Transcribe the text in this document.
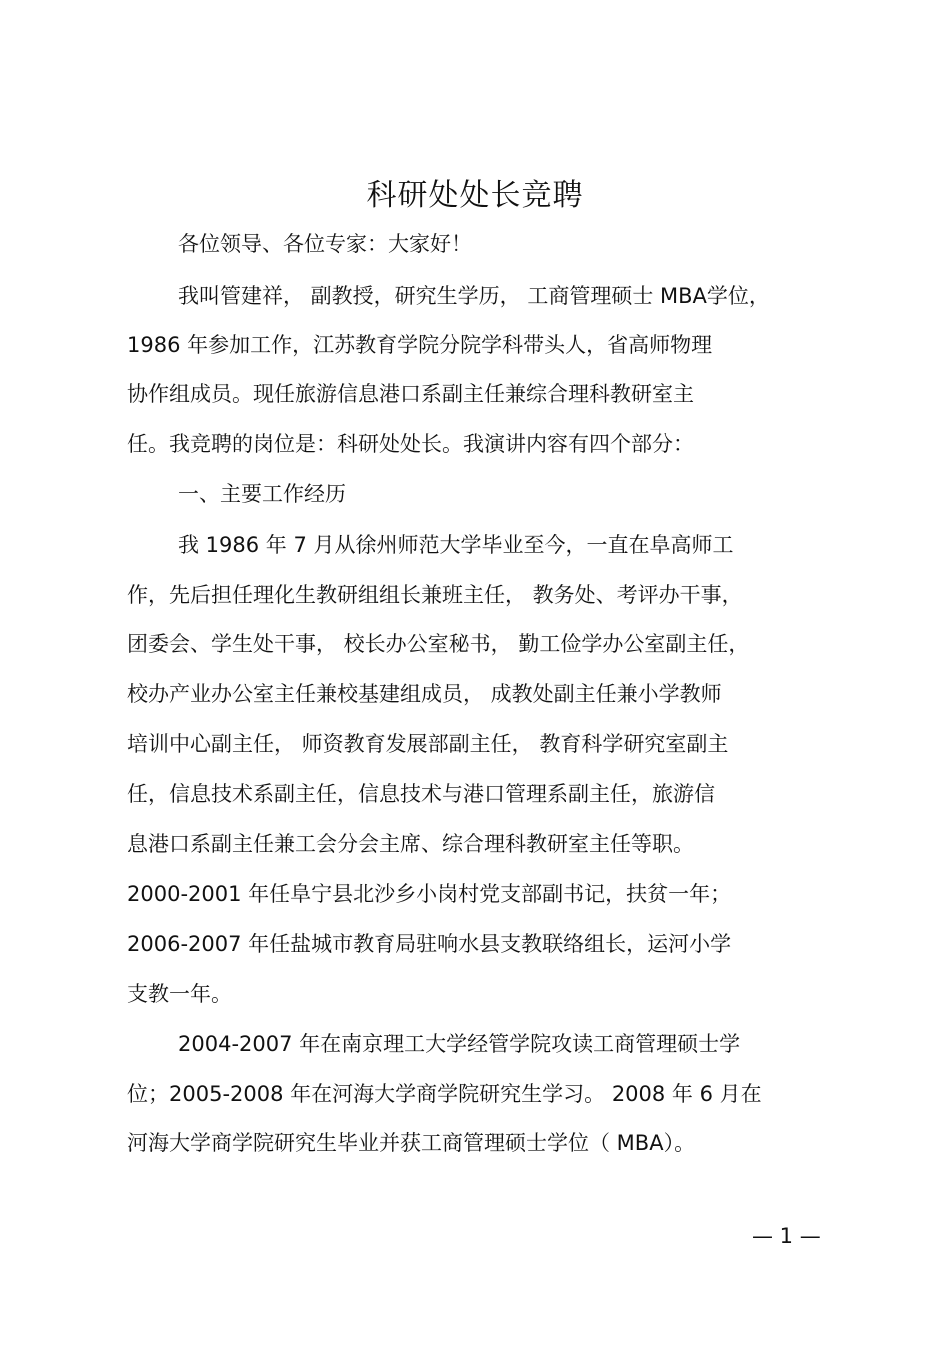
科研处处长竞聘
各位领导、各位专家：大家好！
我叫管建祥， 副教授，研究生学历， 工商管理硕士 MBA学位，
1986 年参加工作，江苏教育学院分院学科带头人，省高师物理
协作组成员。现任旅游信息港口系副主任兼综合理科教研室主
任。我竞聘的岗位是：科研处处长。我演讲内容有四个部分：
一、主要工作经历
我 1986 年 7 月从徐州师范大学毕业至今，一直在阜高师工
作，先后担任理化生教研组组长兼班主任， 教务处、考评办干事，
团委会、学生处干事， 校长办公室秘书， 勤工俭学办公室副主任，
校办产业办公室主任兼校基建组成员， 成教处副主任兼小学教师
培训中心副主任， 师资教育发展部副主任， 教育科学研究室副主
任，信息技术系副主任，信息技术与港口管理系副主任，旅游信
息港口系副主任兼工会分会主席、综合理科教研室主任等职。
2000-2001 年任阜宁县北沙乡小岗村党支部副书记，扶贫一年；
2006-2007 年任盐城市教育局驻响水县支教联络组长，运河小学
支教一年。
2004-2007 年在南京理工大学经管学院攻读工商管理硕士学
位；2005-2008 年在河海大学商学院研究生学习。 2008 年 6 月在
河海大学商学院研究生毕业并获工商管理硕士学位（ MBA）。
— 1 —
